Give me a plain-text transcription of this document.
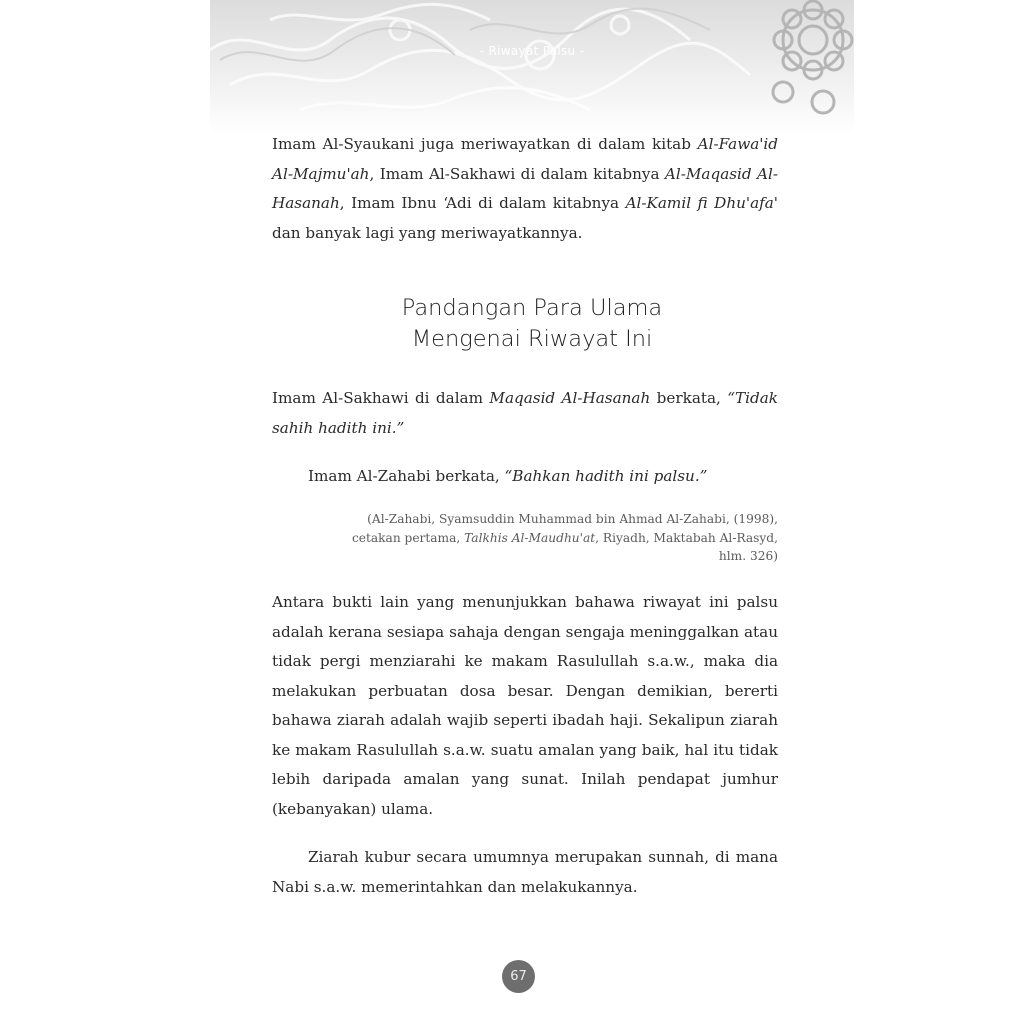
- Riwayat Palsu -

Imam Al-Syaukani juga meriwayatkan di dalam kitab Al-Fawa'id Al-Majmu'ah, Imam Al-Sakhawi di dalam kitabnya Al-Maqasid Al-Hasanah, Imam Ibnu ‘Adi di dalam kitabnya Al-Kamil fi Dhu'afa' dan banyak lagi yang meriwayatkannya.

Pandangan Para Ulama
Mengenai Riwayat Ini

Imam Al-Sakhawi di dalam Maqasid Al-Hasanah berkata, “Tidak sahih hadith ini.”

Imam Al-Zahabi berkata, “Bahkan hadith ini palsu.”

(Al-Zahabi, Syamsuddin Muhammad bin Ahmad Al-Zahabi, (1998), cetakan pertama, Talkhis Al-Maudhu'at, Riyadh, Maktabah Al-Rasyd, hlm. 326)

Antara bukti lain yang menunjukkan bahawa riwayat ini palsu adalah kerana sesiapa sahaja dengan sengaja meninggalkan atau tidak pergi menziarahi ke makam Rasulullah s.a.w., maka dia melakukan perbuatan dosa besar. Dengan demikian, bererti bahawa ziarah adalah wajib seperti ibadah haji. Sekalipun ziarah ke makam Rasulullah s.a.w. suatu amalan yang baik, hal itu tidak lebih daripada amalan yang sunat. Inilah pendapat jumhur (kebanyakan) ulama.

Ziarah kubur secara umumnya merupakan sunnah, di mana Nabi s.a.w. memerintahkan dan melakukannya.

67
